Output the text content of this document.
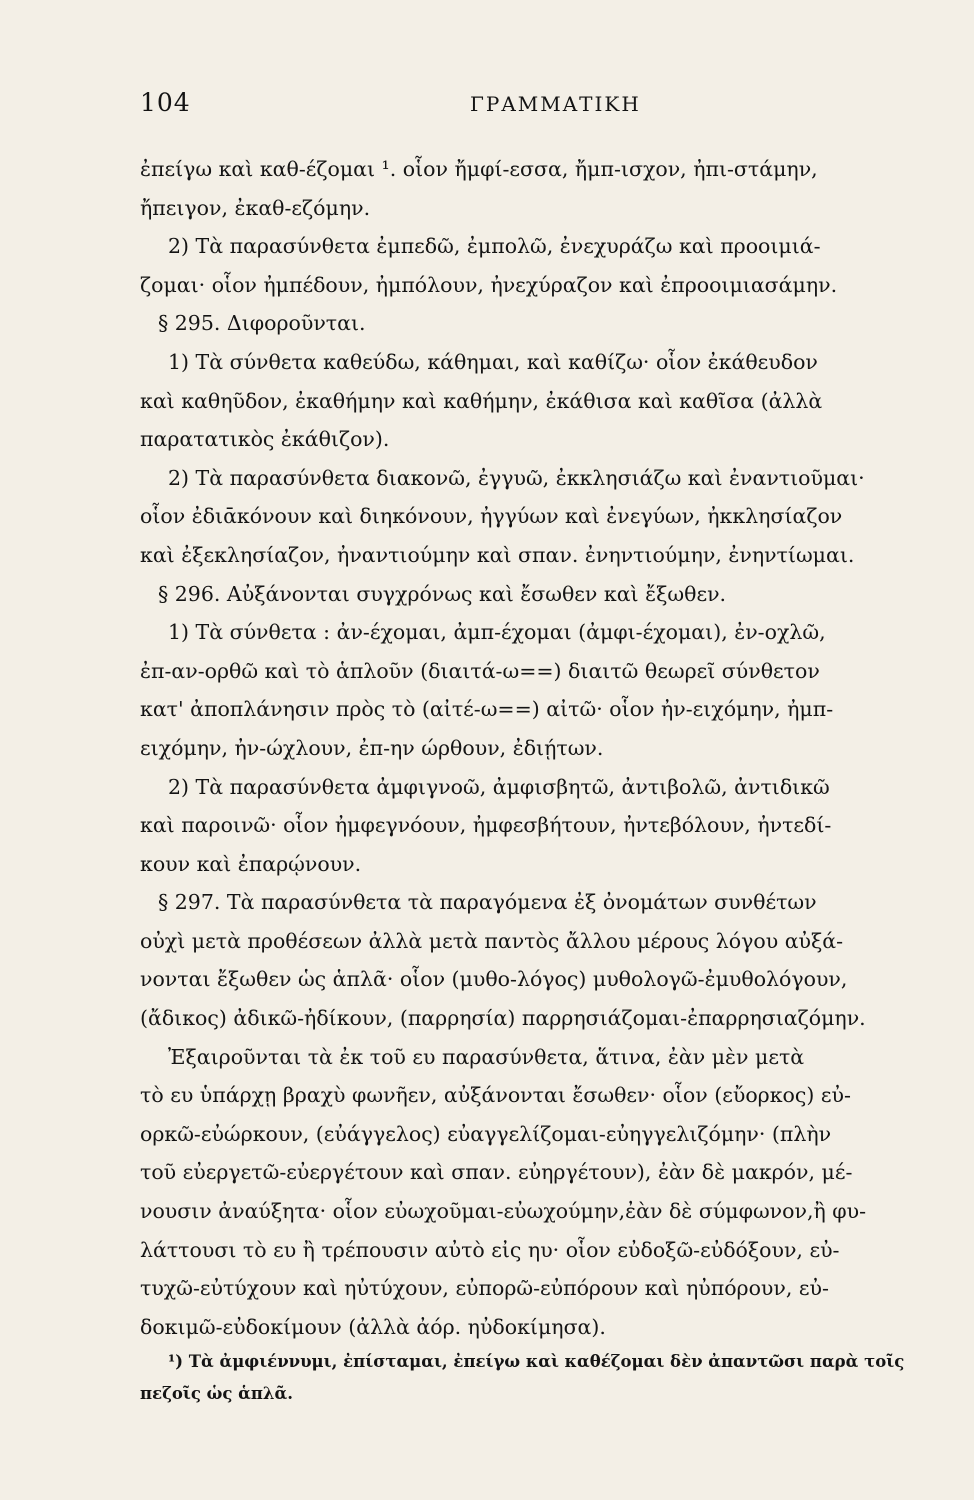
104	ΓΡΑΜΜΑΤΙΚΗ
ἐπείγω καὶ καθ-έζομαι ¹. οἷον ἤμφί-εσσα, ἤμπ-ισχον, ἠπι-στάμην,
ἤπειγον, ἐκαθ-εζόμην.
2) Τὰ παρασύνθετα ἐμπεδῶ, ἐμπολῶ, ἐνεχυράζω καὶ προοιμιά-
ζομαι· οἷον ἠμπέδουν, ἠμπόλουν, ἠνεχύραζον καὶ ἐπροοιμιασάμην.
§ 295. Διφοροῦνται.
1) Τὰ σύνθετα καθεύδω, κάθημαι, καὶ καθίζω· οἷον ἐκάθευδον
καὶ καθηῦδον, ἐκαθήμην καὶ καθήμην, ἐκάθισα καὶ καθῖσα (ἀλλὰ
παρατατικὸς ἐκάθιζον).
2) Τὰ παρασύνθετα διακονῶ, ἐγγυῶ, ἐκκλησιάζω καὶ ἐναντιοῦμαι·
οἷον ἐδιᾱκόνουν καὶ διηκόνουν, ἠγγύων καὶ ἐνεγύων, ἠκκλησίαζον
καὶ ἐξεκλησίαζον, ἠναντιούμην καὶ σπαν. ἐνηντιούμην, ἐνηντίωμαι.
§ 296. Αὐξάνονται συγχρόνως καὶ ἔσωθεν καὶ ἔξωθεν.
1) Τὰ σύνθετα : ἀν-έχομαι, ἀμπ-έχομαι (ἀμφι-έχομαι), ἐν-οχλῶ,
ἐπ-αν-ορθῶ καὶ τὸ ἁπλοῦν (διαιτά-ω==) διαιτῶ θεωρεῖ σύνθετον
κατ' ἀποπλάνησιν πρὸς τὸ (αἰτέ-ω==) αἰτῶ· οἷον ἠν-ειχόμην, ἠμπ-
ειχόμην, ἠν-ώχλουν, ἐπ-ην ώρθουν, ἐδιῄτων.
2) Τὰ παρασύνθετα ἀμφιγνοῶ, ἀμφισβητῶ, ἀντιβολῶ, ἀντιδικῶ
καὶ παροινῶ· οἷον ἠμφεγνόουν, ἠμφεσβήτουν, ἠντεβόλουν, ἠντεδί-
κουν καὶ ἐπαρῴνουν.
§ 297. Τὰ παρασύνθετα τὰ παραγόμενα ἐξ ὀνομάτων συνθέτων
οὐχὶ μετὰ προθέσεων ἀλλὰ μετὰ παντὸς ἄλλου μέρους λόγου αὐξά-
νονται ἔξωθεν ὡς ἁπλᾶ· οἷον (μυθο-λόγος) μυθολογῶ-ἐμυθολόγουν,
(ἄδικος) ἀδικῶ-ἠδίκουν, (παρρησία) παρρησιάζομαι-ἐπαρρησιαζόμην.
Ἐξαιροῦνται τὰ ἐκ τοῦ ευ παρασύνθετα, ἅτινα, ἐὰν μὲν μετὰ
τὸ ευ ὑπάρχῃ βραχὺ φωνῆεν, αὐξάνονται ἔσωθεν· οἷον (εὔορκος) εὐ-
ορκῶ-εὐώρκουν, (εὐάγγελος) εὐαγγελίζομαι-εὐηγγελιζόμην· (πλὴν
τοῦ εὐεργετῶ-εὐεργέτουν καὶ σπαν. εὐηργέτουν), ἐὰν δὲ μακρόν, μέ-
νουσιν ἀναύξητα· οἷον εὐωχοῦμαι-εὐωχούμην,ἐὰν δὲ σύμφωνον,ἢ φυ-
λάττουσι τὸ ευ ἢ τρέπουσιν αὐτὸ εἰς ηυ· οἷον εὐδοξῶ-εὐδόξουν, εὐ-
τυχῶ-εὐτύχουν καὶ ηὐτύχουν, εὐπορῶ-εὐπόρουν καὶ ηὐπόρουν, εὐ-
δοκιμῶ-εὐδοκίμουν (ἀλλὰ ἀόρ. ηὐδοκίμησα).
¹) Τὰ ἀμφιέννυμι, ἐπίσταμαι, ἐπείγω καὶ καθέζομαι δὲν ἀπαντῶσι παρὰ τοῖς
πεζοῖς ὡς ἁπλᾶ.
